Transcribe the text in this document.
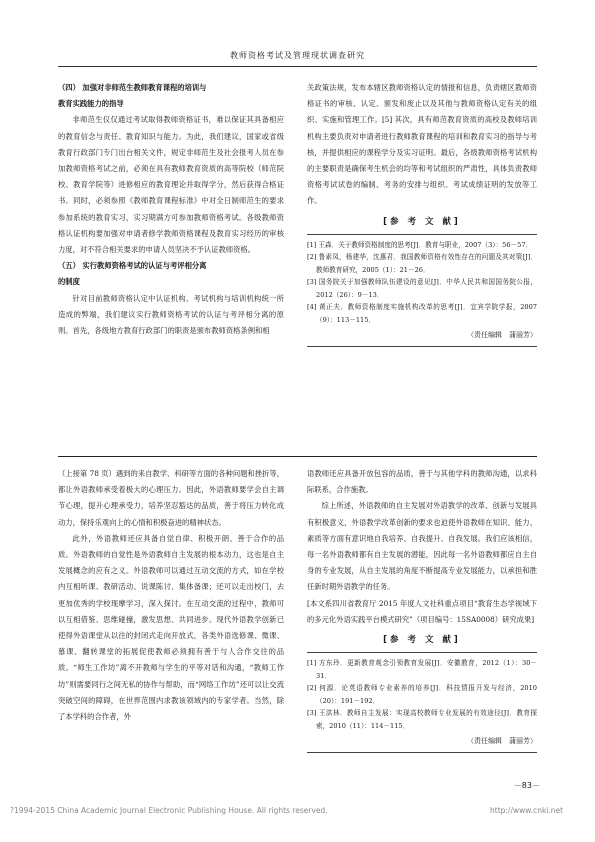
教师资格考试及管理现状调查研究

（四） 加强对非师范生教师教育课程的培训与
教育实践能力的指导

非师范生仅仅通过考试取得教师资格证书，难以保证其具备相应的教育信念与责任、教育知识与能力。为此，我们建议，国家或省级教育行政部门专门出台相关文件，规定非师范生及社会报考人员在参加教师资格考试之前，必须在具有教师教育资质的高等院校（师范院校、教育学院等）进修相应的教育理论并取得学分，然后获得合格证书。同时，必须参照《教师教育课程标准》中对全日制师范生的要求参加系统的教育实习，实习期满方可参加教师资格考试。各级教师资格认证机构要加强对申请者修学教师资格课程及教育实习经历的审核力度，对不符合相关要求的申请人员坚决不予认证教师资格。

（五） 实行教师资格考试的认证与考评相分离
的制度

针对目前教师资格认定中认证机构、考试机构与培训机构统一所造成的弊端，我们建议实行教师资格考试的认证与考评相分离的原则。首先，各级地方教育行政部门的职责是颁布教师资格条例和相

关政策法规，发布本辖区教师资格认定的情报和信息，负责辖区教师资格证书的审核、认定、颁发和废止以及其他与教师资格认定有关的组织、实施和管理工作。[5] 其次，具有师范教育资质的高校及教师培训机构主要负责对申请者进行教师教育课程的培训和教育实习的指导与考核，并提供相应的课程学分及实习证明。最后，各级教师资格考试机构的主要职责是确保考生机会的均等和考试组织的严肃性，具体负责教师资格考试试卷的编制、考务的安排与组织、考试成绩证明的发放等工作。

[参 考 文 献]

[1] 王森．关于教师资格制度的思考[J]．教育与职业，2007（3）：56－57．

[2] 鲁素凤，杨建华，沈惠君．我国教师资格有效性存在的问题及其对策[J]．教师教育研究，2005（1）：21－26．

[3] 国务院关于加强教师队伍建设的意见[J]．中华人民共和国国务院公报，2012（26）：9－13．

[4] 黄正夫．教师资格制度实施机构改革的思考[J]．宜宾学院学报，2007（9）：113－115．

（责任编辑　蒲丽芳）

（上接第 78 页）遇到的来自教学、科研等方面的各种问题和挫折等，都让外语教师承受着极大的心理压力。因此，外语教师要学会自主调节心理，提升心理承受力，培养坚忍豁达的品质，善于将压力转化成动力，保持乐观向上的心情和积极奋进的精神状态。

此外，外语教师还应具备自觉自律、积极开朗、善于合作的品质。外语教师的自觉性是外语教师自主发展的根本动力，这也是自主发展概念的应有之义。外语教师可以通过互动交流的方式，如在学校内互相听课、教研活动、说课陈讨、集体备课；还可以走出校门，去更加优秀的学校现摩学习，深入探讨。在互动交流的过程中，教师可以互相借鉴、思维碰撞，激发思想、共同进步。现代外语教学创新已使得外语课堂从以往的封闭式走向开放式，各类外语选修课、微课、慕课、翻转课堂的拓展促使教师必须拥有善于与人合作交往的品质。“师生工作坊”离不开教师与学生的平等对话和沟通，“教师工作坊”则需要同行之间无私的协作与帮助，而“网络工作坊”还可以让交流突破空间的障碍，在世界范围内求教该领域内的专家学者。当然，除了本学科的合作者，外

语教师还应具备开放包容的品质，善于与其他学科的教师沟通，以求科际联系，合作施教。

综上所述，外语教师的自主发展对外语教学的改革、创新与发展具有积极意义，外语教学改革创新的要求也迫使外语教师在知识、能力、素质等方面有意识地自我培养、自我提升、自我发展。我们应该相信，每一名外语教师都有自主发展的潜能，因此每一名外语教师都应自主自身的专业发展，从自主发展的角度不断提高专业发展能力，以承担和胜任新时期外语教学的任务。

[本文系四川省教育厅 2015 年度人文社科重点项目“教育生态学视域下的多元化外语实践平台模式研究”（项目编号：15SA0008）研究成果]

[参 考 文 献]

[1] 方东玲．更新教育观念引领教育发展[J]．安徽教育，2012（1）：30－31．

[2] 何源．论英语教师专业素养的培养[J]．科技情报开发与经济，2010（20）：191－192．

[3] 王洪林．教师自主发展：实现高校教师专业发展的有效途径[J]．教育探索，2010（11）：114－115．

（责任编辑　蒲丽芳）
－83－
?1994-2015 China Academic Journal Electronic Publishing House. All rights reserved.	http://www.cnki.net
